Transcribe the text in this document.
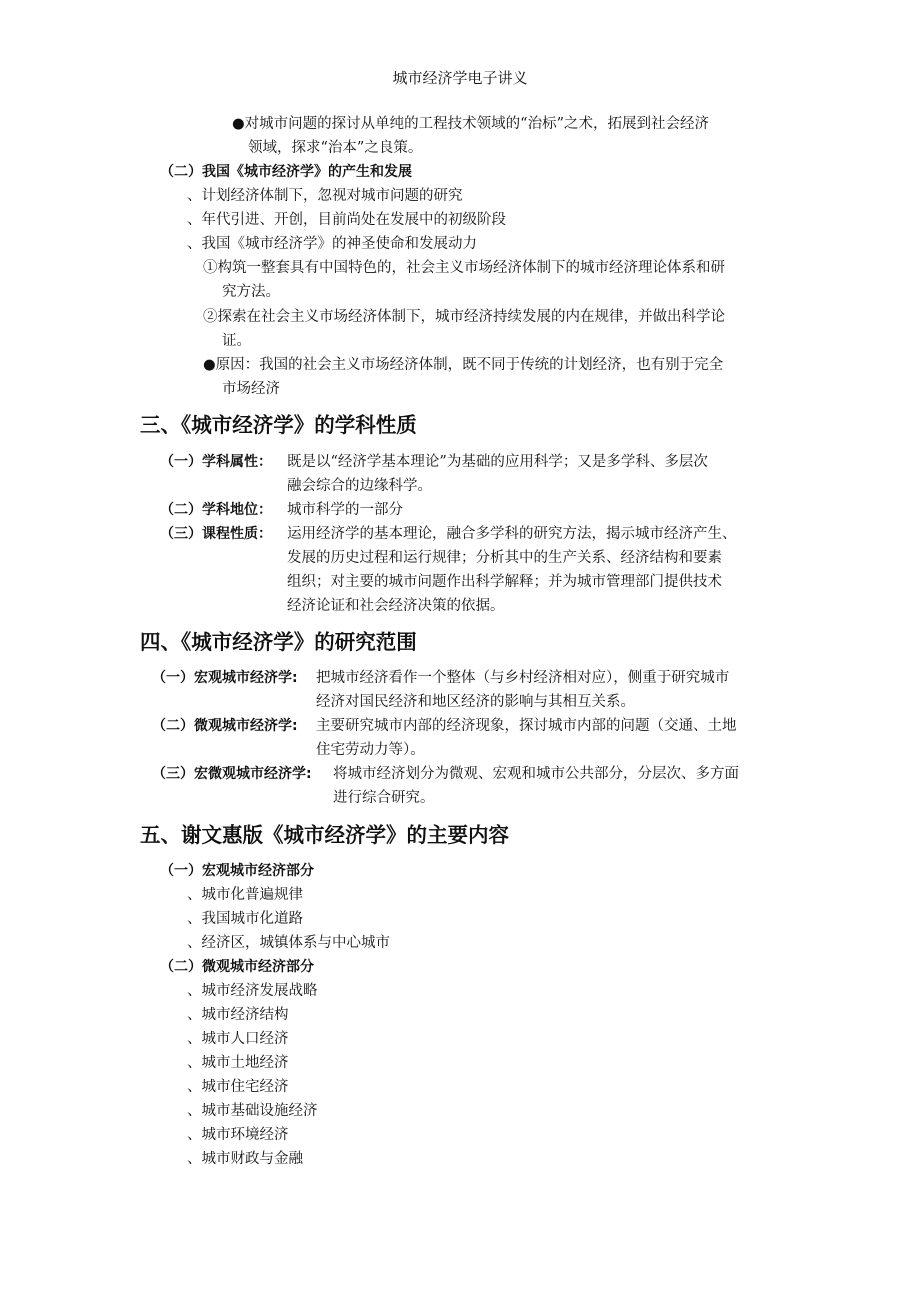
城市经济学电子讲义
●对城市问题的探讨从单纯的工程技术领域的“治标”之术，拓展到社会经济
领域，探求“治本”之良策。
（二）我国《城市经济学》的产生和发展
、计划经济体制下，忽视对城市问题的研究
、年代引进、开创，目前尚处在发展中的初级阶段
、我国《城市经济学》的神圣使命和发展动力
①构筑一整套具有中国特色的，社会主义市场经济体制下的城市经济理论体系和研
究方法。
②探索在社会主义市场经济体制下，城市经济持续发展的内在规律，并做出科学论
证。
●原因：我国的社会主义市场经济体制，既不同于传统的计划经济，也有别于完全
市场经济
三、《城市经济学》的学科性质
（一）学科属性： 既是以“经济学基本理论”为基础的应用科学；又是多学科、多层次
融会综合的边缘科学。
（二）学科地位： 城市科学的一部分
（三）课程性质： 运用经济学的基本理论，融合多学科的研究方法，揭示城市经济产生、
发展的历史过程和运行规律；分析其中的生产关系、经济结构和要素
组织；对主要的城市问题作出科学解释；并为城市管理部门提供技术
经济论证和社会经济决策的依据。
四、《城市经济学》的研究范围
（一）宏观城市经济学: 把城市经济看作一个整体（与乡村经济相对应），侧重于研究城市
经济对国民经济和地区经济的影响与其相互关系。
（二）微观城市经济学: 主要研究城市内部的经济现象，探讨城市内部的问题（交通、土地
住宅劳动力等）。
（三）宏微观城市经济学: 将城市经济划分为微观、宏观和城市公共部分，分层次、多方面
进行综合研究。
五、谢文惠版《城市经济学》的主要内容
（一）宏观城市经济部分
、城市化普遍规律
、我国城市化道路
、经济区，城镇体系与中心城市
（二）微观城市经济部分
、城市经济发展战略
、城市经济结构
、城市人口经济
、城市土地经济
、城市住宅经济
、城市基础设施经济
、城市环境经济
、城市财政与金融
